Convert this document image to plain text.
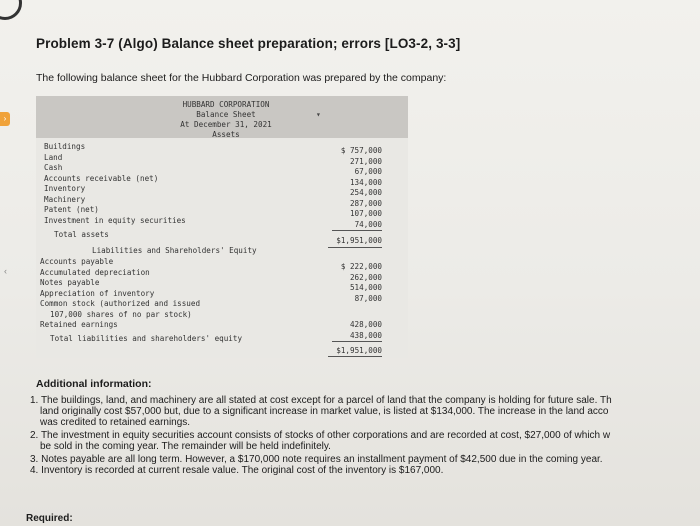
›
‹
Problem 3-7 (Algo) Balance sheet preparation; errors [LO3-2, 3-3]
The following balance sheet for the Hubbard Corporation was prepared by the company:
▾
HUBBARD CORPORATION
Balance Sheet
At December 31, 2021
Assets
Buildings
Land
Cash
Accounts receivable (net)
Inventory
Machinery
Patent (net)
Investment in equity securities
Total assets
$ 757,000
271,000
67,000
134,000
254,000
287,000
107,000
74,000
$1,951,000
Liabilities and Shareholders' Equity
Accounts payable
Accumulated depreciation
Notes payable
Appreciation of inventory
Common stock (authorized and issued
107,000 shares of no par stock)
Retained earnings
Total liabilities and shareholders' equity
$ 222,000
262,000
514,000
87,000
428,000
438,000
$1,951,000
Additional information:
1. The buildings, land, and machinery are all stated at cost except for a parcel of land that the company is holding for future sale. Th
land originally cost $57,000 but, due to a significant increase in market value, is listed at $134,000. The increase in the land acco
was credited to retained earnings.
2. The investment in equity securities account consists of stocks of other corporations and are recorded at cost, $27,000 of which w
be sold in the coming year. The remainder will be held indefinitely.
3. Notes payable are all long term. However, a $170,000 note requires an installment payment of $42,500 due in the coming year.
4. Inventory is recorded at current resale value. The original cost of the inventory is $167,000.
Required:
